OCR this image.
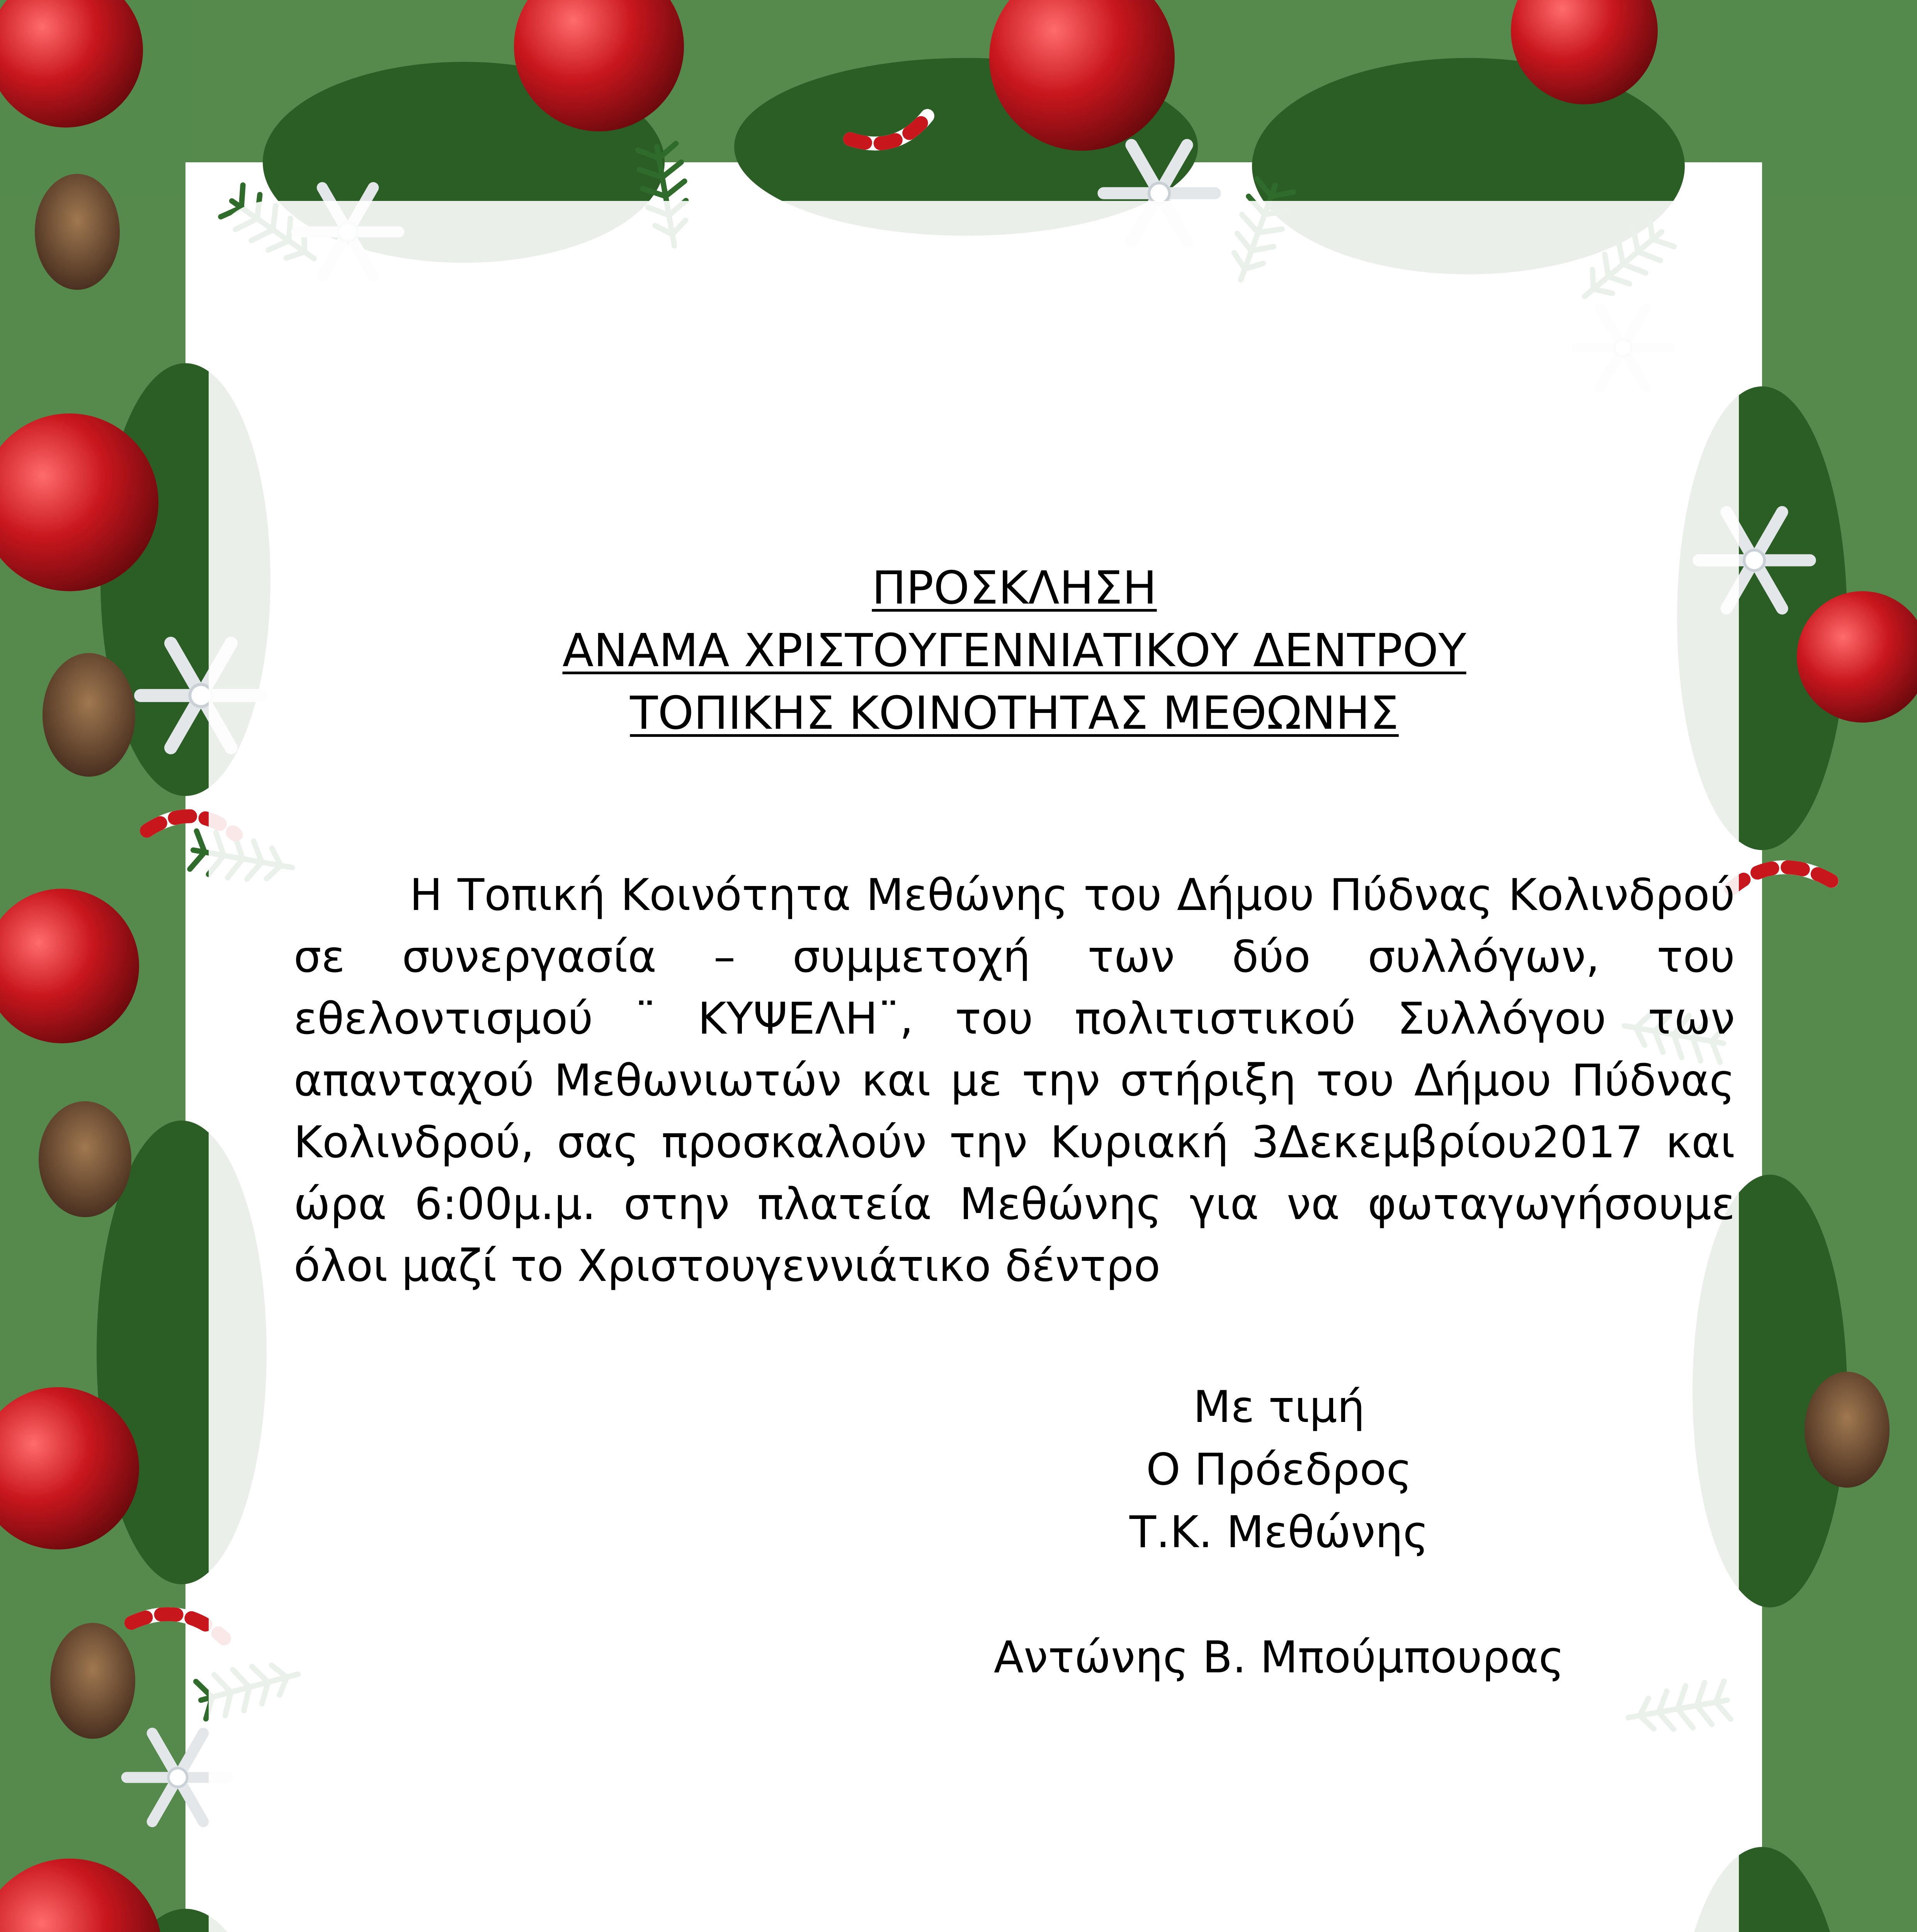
ΠΡΟΣΚΛΗΣΗ
ΑΝΑΜΑ ΧΡΙΣΤΟΥΓΕΝΝΙΑΤΙΚΟΥ ΔΕΝΤΡΟΥ
ΤΟΠΙΚΗΣ ΚΟΙΝΟΤΗΤΑΣ ΜΕΘΩΝΗΣ

Η Τοπική Κοινότητα Μεθώνης του Δήμου Πύδνας Κολινδρού σε συνεργασία – συμμετοχή των δύο συλλόγων, του εθελοντισμού ¨ ΚΥΨΕΛΗ¨, του πολιτιστικού Συλλόγου των απανταχού Μεθωνιωτών και με την στήριξη του Δήμου Πύδνας Κολινδρού, σας προσκαλούν την Κυριακή 3Δεκεμβρίου2017 και ώρα 6:00μ.μ. στην πλατεία Μεθώνης για να φωταγωγήσουμε όλοι μαζί το Χριστουγεννιάτικο δέντρο

Με τιμή

Ο Πρόεδρος

Τ.Κ. Μεθώνης

Αντώνης Β. Μπούμπουρας
